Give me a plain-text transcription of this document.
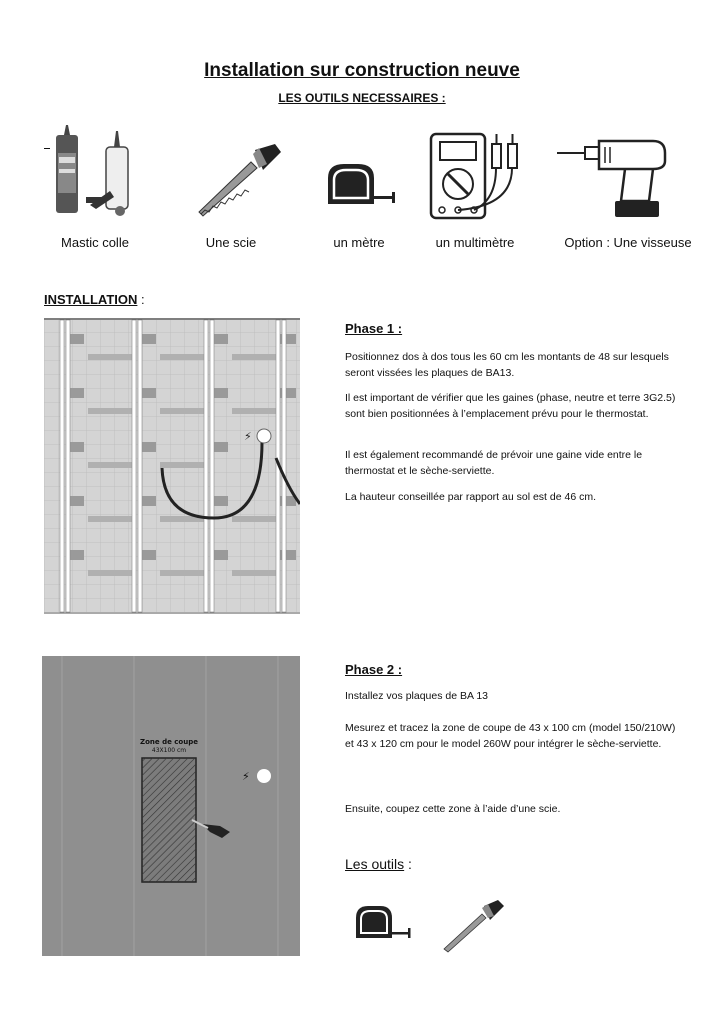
Installation sur construction neuve
LES OUTILS NECESSAIRES :
Mastic colle	Une scie	un mètre	un multimètre	Option : Une visseuse
INSTALLATION :
⚡
Phase 1 :

Positionnez dos à dos tous les 60 cm les montants de 48 sur lesquels seront vissées les plaques de BA13.

Il est important de vérifier que les gaines (phase, neutre et terre 3G2.5) sont bien positionnées à l’emplacement prévu pour le thermostat.

Il est également recommandé de prévoir une gaine vide entre le thermostat et le sèche-serviette.

La hauteur conseillée par rapport au sol est de 46 cm.

Zone de coupe
43X100 cm
⚡
Phase 2 :

Installez vos plaques de BA 13

Mesurez et tracez la zone de coupe de 43 x 100 cm (model 150/210W) et 43 x 120 cm pour le model 260W pour intégrer le sèche-serviette.

Ensuite, coupez cette zone à l’aide d’une scie.

Les outils :
